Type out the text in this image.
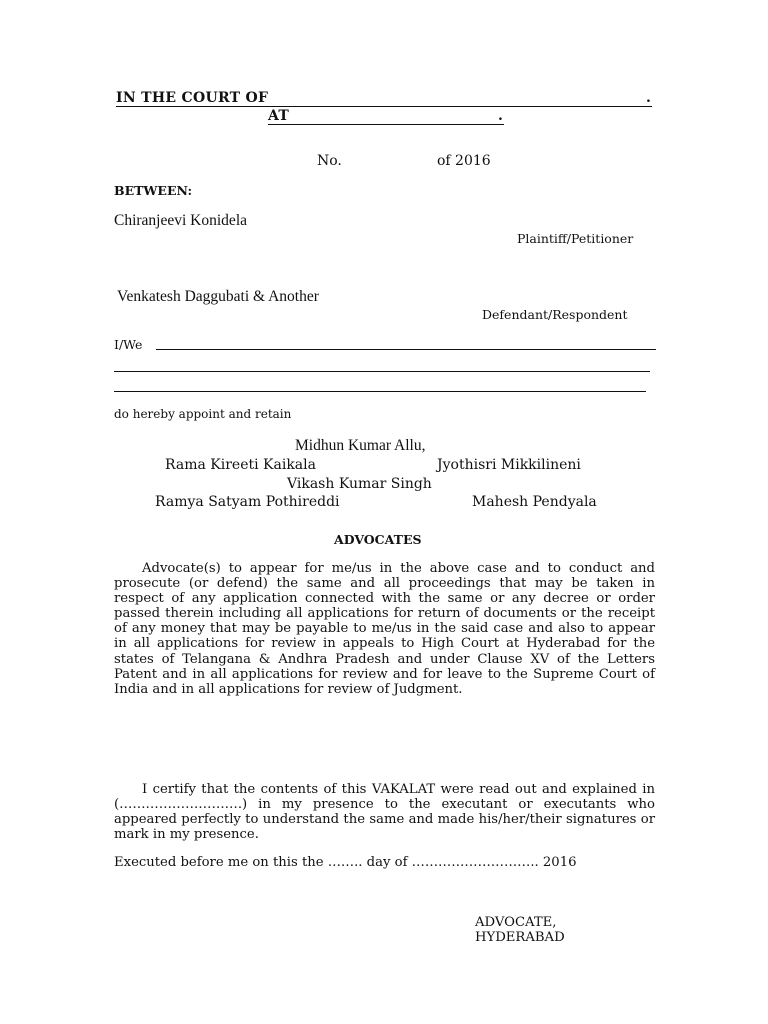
IN THE COURT OF	.
AT	.
No.	of 2016
BETWEEN:
Chiranjeevi Konidela
Plaintiff/Petitioner
Venkatesh Daggubati & Another
Defendant/Respondent
I/We
do hereby appoint and retain
Midhun Kumar Allu,
Rama Kireeti Kaikala	Jyothisri Mikkilineni
Vikash Kumar Singh
Ramya Satyam Pothireddi	Mahesh Pendyala
ADVOCATES
Advocate(s) to appear for me/us in the above case and to conduct and prosecute (or defend) the same and all proceedings that may be taken in respect of any application connected with the same or any decree or order passed therein including all applications for return of documents or the receipt of any money that may be payable to me/us in the said case and also to appear in all applications for review in appeals to High Court at Hyderabad for the states of Telangana & Andhra Pradesh and under Clause XV of the Letters Patent and in all applications for review and for leave to the Supreme Court of India and in all applications for review of Judgment.
I certify that the contents of this VAKALAT were read out and explained in (……………………….) in my presence to the executant or executants who appeared perfectly to understand the same and made his/her/their signatures or mark in my presence.
Executed before me on this the …….. day of ……………………….. 2016
ADVOCATE,
HYDERABAD
